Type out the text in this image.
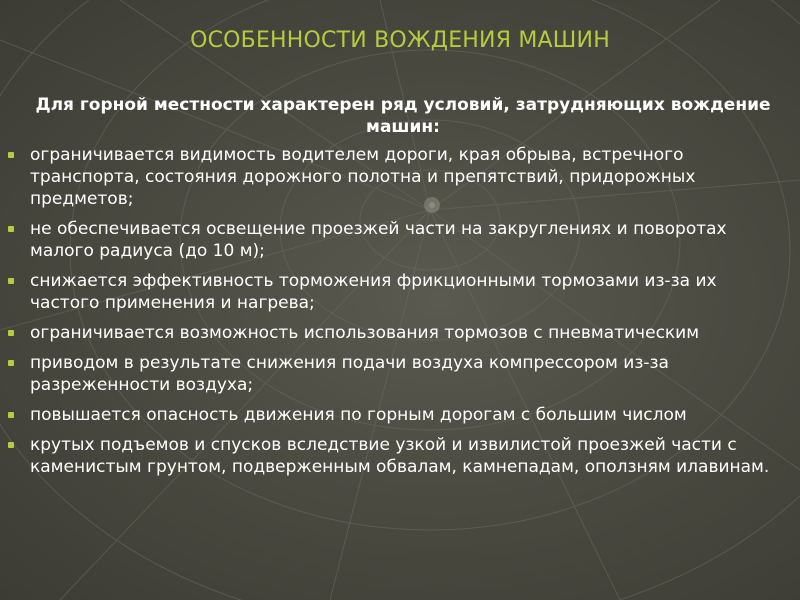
ОСОБЕННОСТИ ВОЖДЕНИЯ МАШИН

Для горной местности характерен ряд условий, затрудняющих вождение машин:

ограничивается видимость водителем дороги, края обрыва, встречного транспорта, состояния дорожного полотна и препятствий, придорожных предметов;
не обеспечивается освещение проезжей части на закруглениях и поворотах малого радиуса (до 10 м);
снижается эффективность торможения фрикционными тормозами из-за их частого применения и нагрева;
ограничивается возможность использования тормозов с пневматическим
приводом в результате снижения подачи воздуха компрессором из-за разреженности воздуха;
повышается опасность движения по горным дорогам с большим числом
крутых подъемов и спусков вследствие узкой и извилистой проезжей части с каменистым грунтом, подверженным обвалам, камнепадам, оползням илавинам.
